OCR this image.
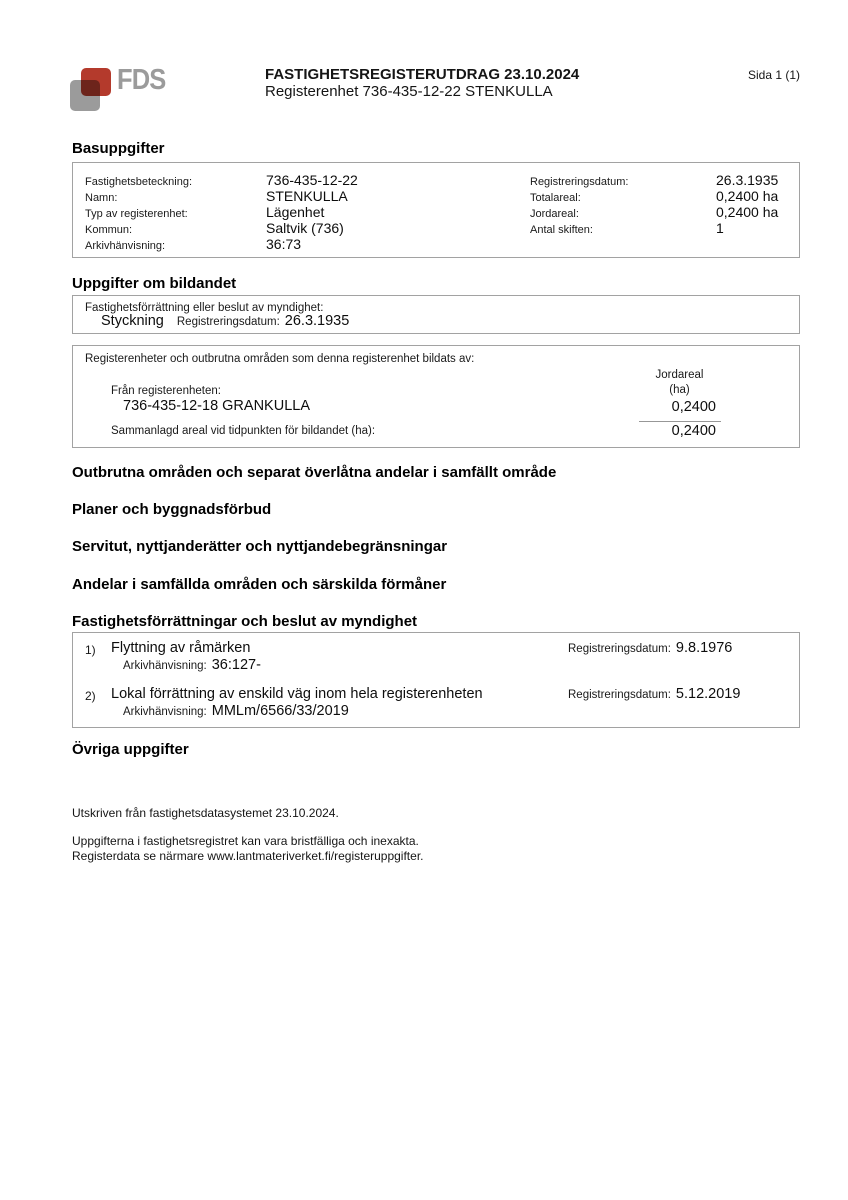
FDS	FASTIGHETSREGISTERUTDRAG 23.10.2024
Registerenhet 736-435-12-22 STENKULLA
Sida 1 (1)
Basuppgifter
Fastighetsbeteckning:	736-435-12-22
Namn:	STENKULLA
Typ av registerenhet:	Lägenhet
Kommun:	Saltvik (736)
Arkivhänvisning:	36:73
Registreringsdatum:	26.3.1935
Totalareal:	0,2400 ha
Jordareal:	0,2400 ha
Antal skiften:	1
Uppgifter om bildandet
Fastighetsförrättning eller beslut av myndighet:
Styckning Registreringsdatum: 26.3.1935
Registerenheter och outbrutna områden som denna registerenhet bildats av:
Jordareal
(ha)
Från registerenheten:
736-435-12-18 GRANKULLA	0,2400
Sammanlagd areal vid tidpunkten för bildandet (ha):	0,2400
Outbrutna områden och separat överlåtna andelar i samfällt område
Planer och byggnadsförbud
Servitut, nyttjanderätter och nyttjandebegränsningar
Andelar i samfällda områden och särskilda förmåner
Fastighetsförrättningar och beslut av myndighet
1) Flyttning av råmärken	Registreringsdatum: 9.8.1976
Arkivhänvisning: 36:127-
2) Lokal förrättning av enskild väg inom hela registerenheten	Registreringsdatum: 5.12.2019
Arkivhänvisning: MMLm/6566/33/2019
Övriga uppgifter
Utskriven från fastighetsdatasystemet 23.10.2024.
Uppgifterna i fastighetsregistret kan vara bristfälliga och inexakta.
Registerdata se närmare www.lantmateriverket.fi/registeruppgifter.
